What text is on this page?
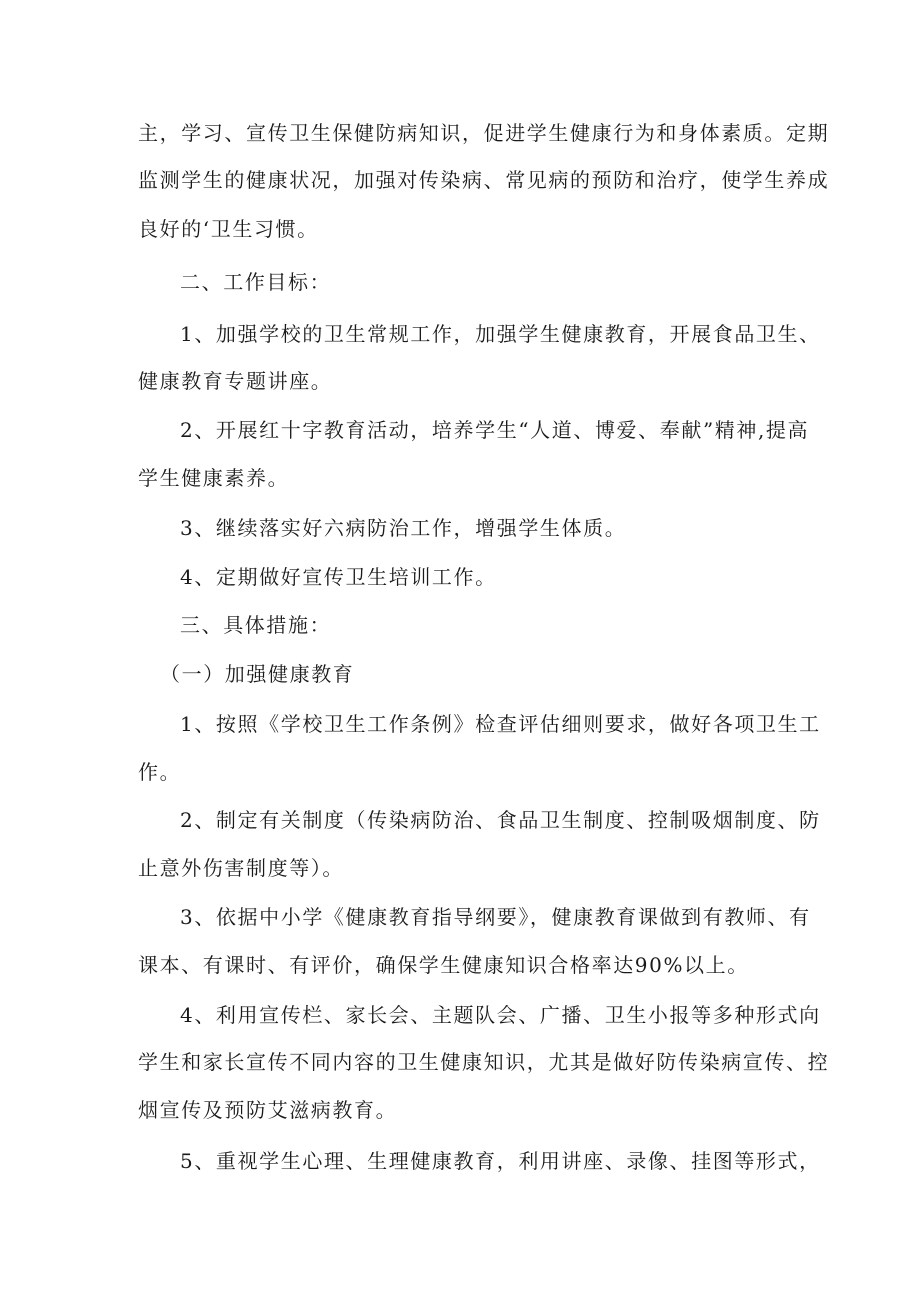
主，学习、宣传卫生保健防病知识，促进学生健康行为和身体素质。定期
监测学生的健康状况，加强对传染病、常见病的预防和治疗，使学生养成
良好的‘卫生习惯。
二、工作目标：
1、加强学校的卫生常规工作，加强学生健康教育，开展食品卫生、
健康教育专题讲座。
2、开展红十字教育活动，培养学生“人道、博爱、奉献”精神,提高
学生健康素养。
3、继续落实好六病防治工作，增强学生体质。
4、定期做好宣传卫生培训工作。
三、具体措施：
（一）加强健康教育
1、按照《学校卫生工作条例》检查评估细则要求，做好各项卫生工
作。
2、制定有关制度（传染病防治、食品卫生制度、控制吸烟制度、防
止意外伤害制度等）。
3、依据中小学《健康教育指导纲要》，健康教育课做到有教师、有
课本、有课时、有评价，确保学生健康知识合格率达90%以上。
4、利用宣传栏、家长会、主题队会、广播、卫生小报等多种形式向
学生和家长宣传不同内容的卫生健康知识，尤其是做好防传染病宣传、控
烟宣传及预防艾滋病教育。
5、重视学生心理、生理健康教育，利用讲座、录像、挂图等形式，
